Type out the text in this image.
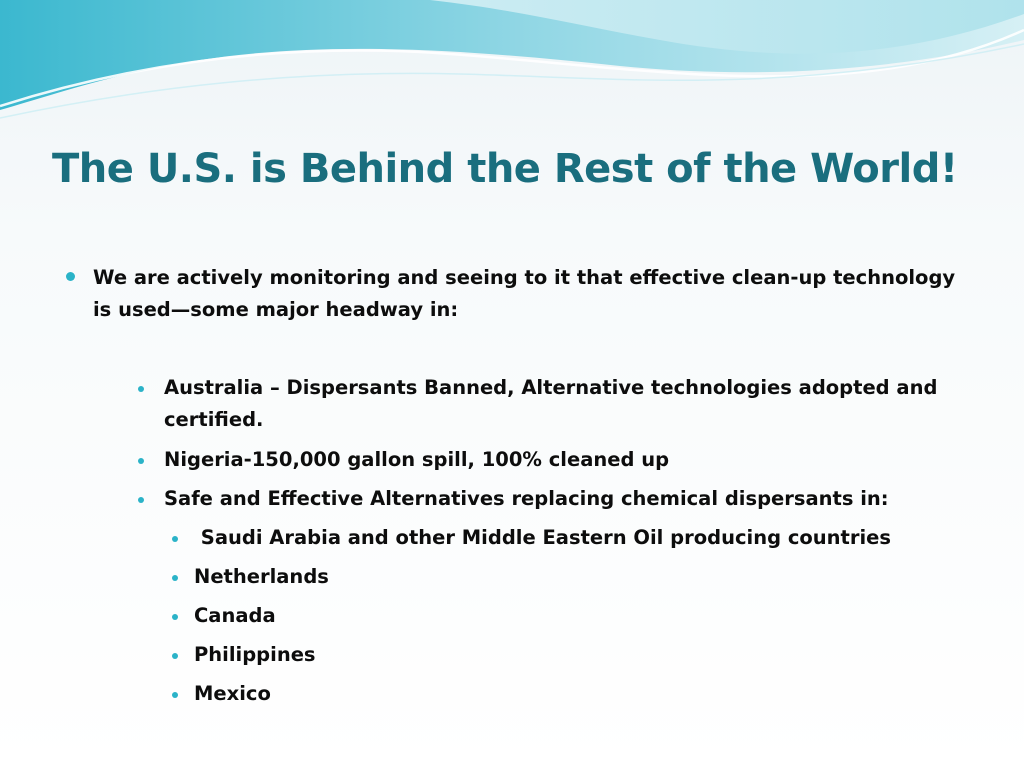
The U.S. is Behind the Rest of the World!
We are actively monitoring and seeing to it that effective clean-up technology is used—some major headway in:
Australia – Dispersants Banned, Alternative technologies adopted and certified.
Nigeria-150,000 gallon spill, 100% cleaned up
Safe and Effective Alternatives replacing chemical dispersants in:
Saudi Arabia and other Middle Eastern Oil producing countries
Netherlands
Canada
Philippines
Mexico
